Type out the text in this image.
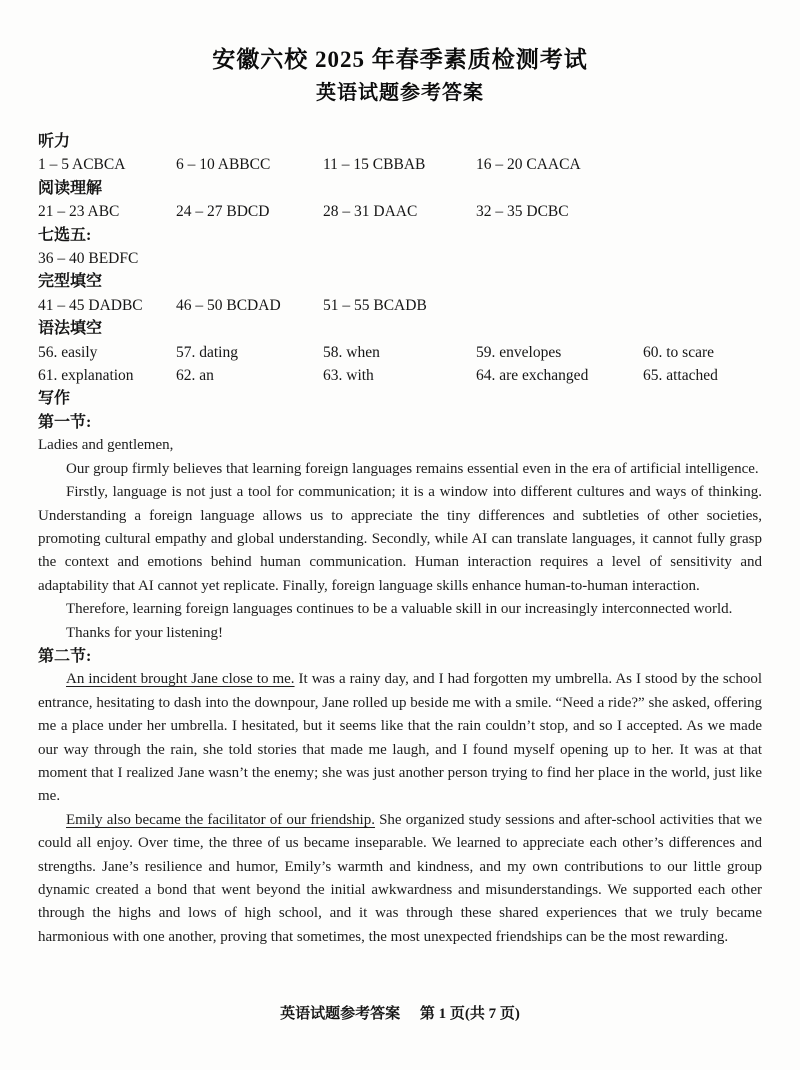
安徽六校 2025 年春季素质检测考试
英语试题参考答案
听力
1 – 5 ACBCA	6 – 10 ABBCC	11 – 15 CBBAB	16 – 20 CAACA
阅读理解
21 – 23 ABC	24 – 27 BDCD	28 – 31 DAAC	32 – 35 DCBC
七选五:
36 – 40 BEDFC
完型填空
41 – 45 DADBC	46 – 50 BCDAD	51 – 55 BCADB
语法填空
56. easily	57. dating	58. when	59. envelopes	60. to scare
61. explanation	62. an	63. with	64. are exchanged	65. attached
写作
第一节:

Ladies and gentlemen,

Our group firmly believes that learning foreign languages remains essential even in the era of artificial intelligence.

Firstly, language is not just a tool for communication; it is a window into different cultures and ways of thinking. Understanding a foreign language allows us to appreciate the tiny differences and subtleties of other societies, promoting cultural empathy and global understanding. Secondly, while AI can translate languages, it cannot fully grasp the context and emotions behind human communication. Human interaction requires a level of sensitivity and adaptability that AI cannot yet replicate. Finally, foreign language skills enhance human-to-human interaction.

Therefore, learning foreign languages continues to be a valuable skill in our increasingly interconnected world.

Thanks for your listening!

第二节:

An incident brought Jane close to me. It was a rainy day, and I had forgotten my umbrella. As I stood by the school entrance, hesitating to dash into the downpour, Jane rolled up beside me with a smile. “Need a ride?” she asked, offering me a place under her umbrella. I hesitated, but it seems like that the rain couldn’t stop, and so I accepted. As we made our way through the rain, she told stories that made me laugh, and I found myself opening up to her. It was at that moment that I realized Jane wasn’t the enemy; she was just another person trying to find her place in the world, just like me.

Emily also became the facilitator of our friendship. She organized study sessions and after-school activities that we could all enjoy. Over time, the three of us became inseparable. We learned to appreciate each other’s differences and strengths. Jane’s resilience and humor, Emily’s warmth and kindness, and my own contributions to our little group dynamic created a bond that went beyond the initial awkwardness and misunderstandings. We supported each other through the highs and lows of high school, and it was through these shared experiences that we truly became harmonious with one another, proving that sometimes, the most unexpected friendships can be the most rewarding.

英语试题参考答案 第 1 页(共 7 页)
